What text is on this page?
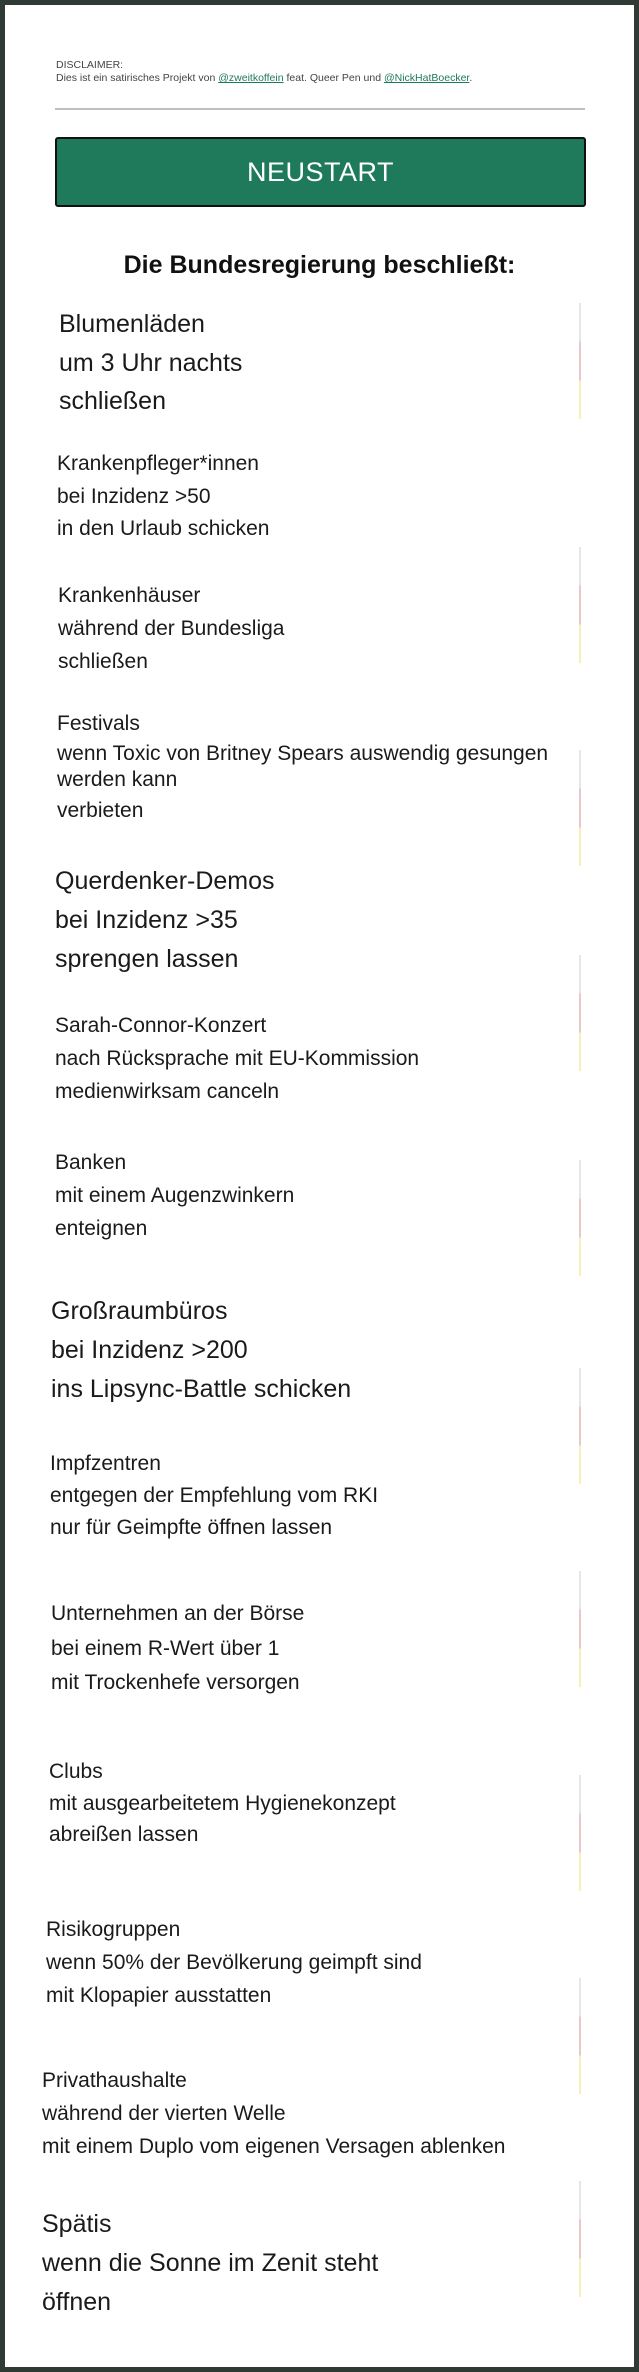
DISCLAIMER:
Dies ist ein satirisches Projekt von @zweitkoffein feat. Queer Pen und @NickHatBoecker.
NEUSTART
Die Bundesregierung beschließt:
Blumenläden
um 3 Uhr nachts
schließen
Krankenpfleger*innen
bei Inzidenz >50
in den Urlaub schicken
Krankenhäuser
während der Bundesliga
schließen
Festivals
wenn Toxic von Britney Spears auswendig gesungen werden kann
verbieten
Querdenker-Demos
bei Inzidenz >35
sprengen lassen
Sarah-Connor-Konzert
nach Rücksprache mit EU-Kommission
medienwirksam canceln
Banken
mit einem Augenzwinkern
enteignen
Großraumbüros
bei Inzidenz >200
ins Lipsync-Battle schicken
Impfzentren
entgegen der Empfehlung vom RKI
nur für Geimpfte öffnen lassen
Unternehmen an der Börse
bei einem R-Wert über 1
mit Trockenhefe versorgen
Clubs
mit ausgearbeitetem Hygienekonzept
abreißen lassen
Risikogruppen
wenn 50% der Bevölkerung geimpft sind
mit Klopapier ausstatten
Privathaushalte
während der vierten Welle
mit einem Duplo vom eigenen Versagen ablenken
Spätis
wenn die Sonne im Zenit steht
öffnen
